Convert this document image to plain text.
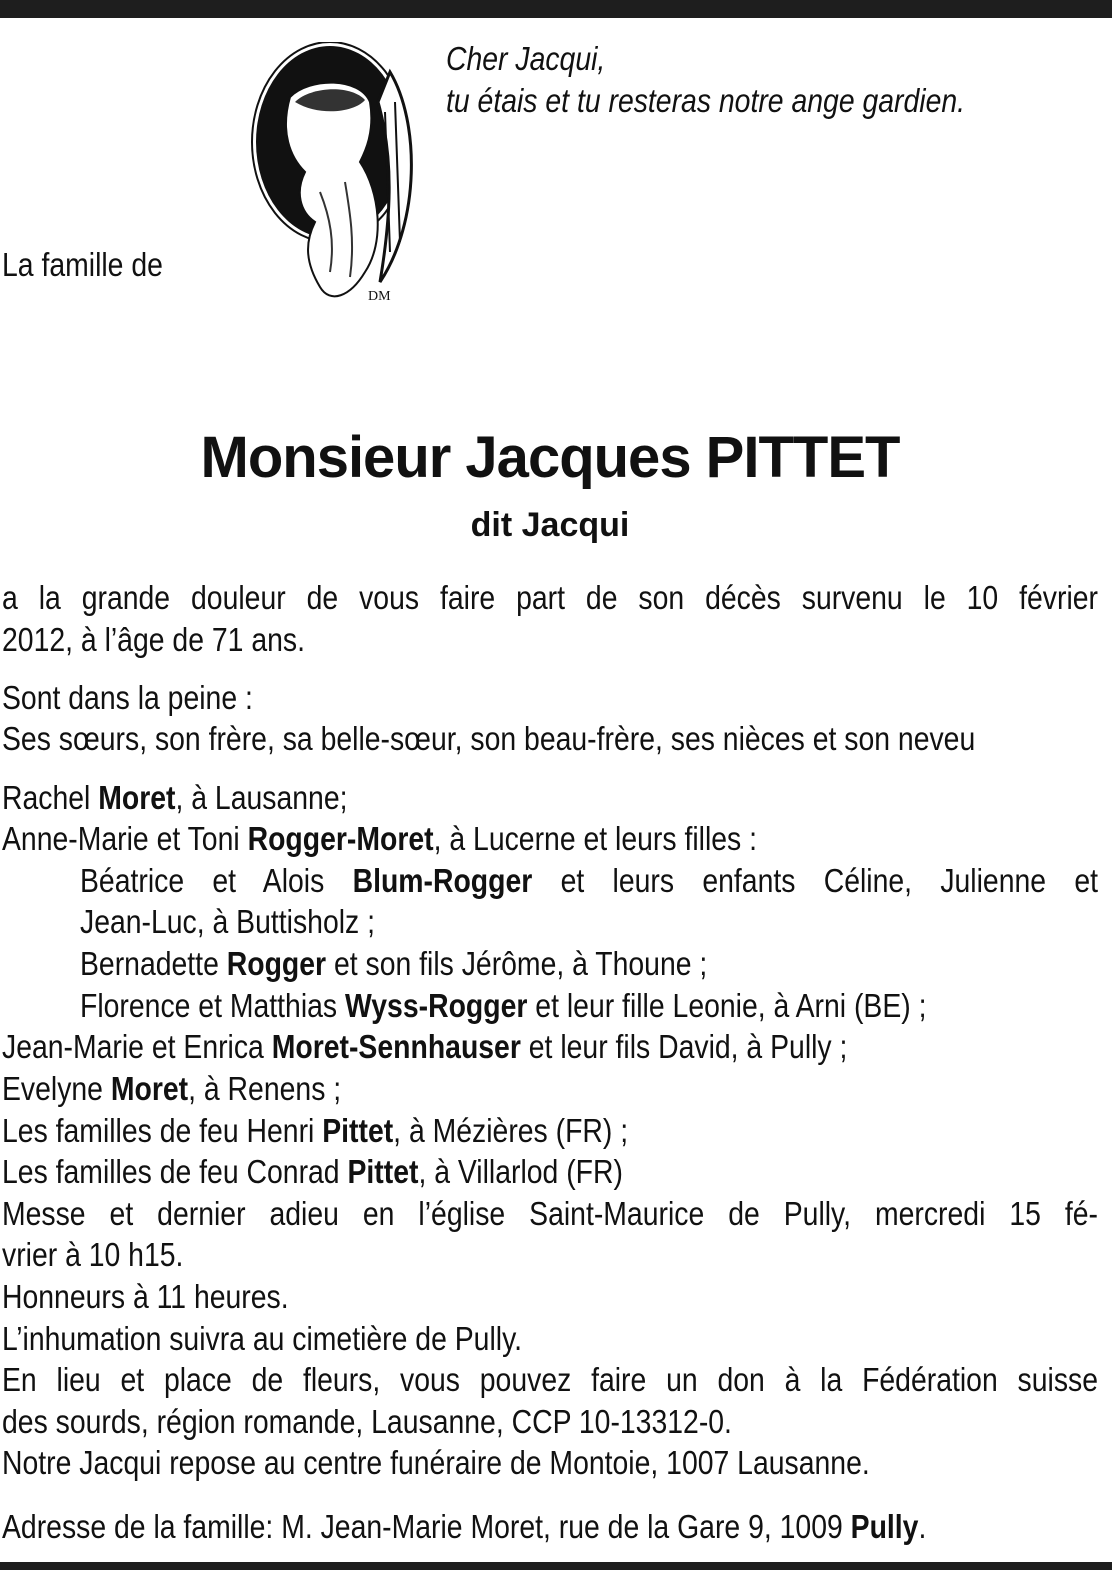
Cher Jacqui,
tu étais et tu resteras notre ange gardien.
DM
La famille de
Monsieur Jacques PITTET
dit Jacqui
a la grande douleur de vous faire part de son décès survenu le 10 février
2012, à l’âge de 71 ans.
Sont dans la peine :
Ses sœurs, son frère, sa belle-sœur, son beau-frère, ses nièces et son neveu
Rachel Moret, à Lausanne;
Anne-Marie et Toni Rogger-Moret, à Lucerne et leurs filles :
Béatrice et Alois Blum-Rogger et leurs enfants Céline, Julienne et
Jean-Luc, à Buttisholz ;
Bernadette Rogger et son fils Jérôme, à Thoune ;
Florence et Matthias Wyss-Rogger et leur fille Leonie, à Arni (BE) ;
Jean-Marie et Enrica Moret-Sennhauser et leur fils David, à Pully ;
Evelyne Moret, à Renens ;
Les familles de feu Henri Pittet, à Mézières (FR) ;
Les familles de feu Conrad Pittet, à Villarlod (FR)
Messe et dernier adieu en l’église Saint-Maurice de Pully, mercredi 15 fé-
vrier à 10 h15.
Honneurs à 11 heures.
L’inhumation suivra au cimetière de Pully.
En lieu et place de fleurs, vous pouvez faire un don à la Fédération suisse
des sourds, région romande, Lausanne, CCP 10-13312-0.
Notre Jacqui repose au centre funéraire de Montoie, 1007 Lausanne.
Adresse de la famille: M. Jean-Marie Moret, rue de la Gare 9, 1009 Pully.
